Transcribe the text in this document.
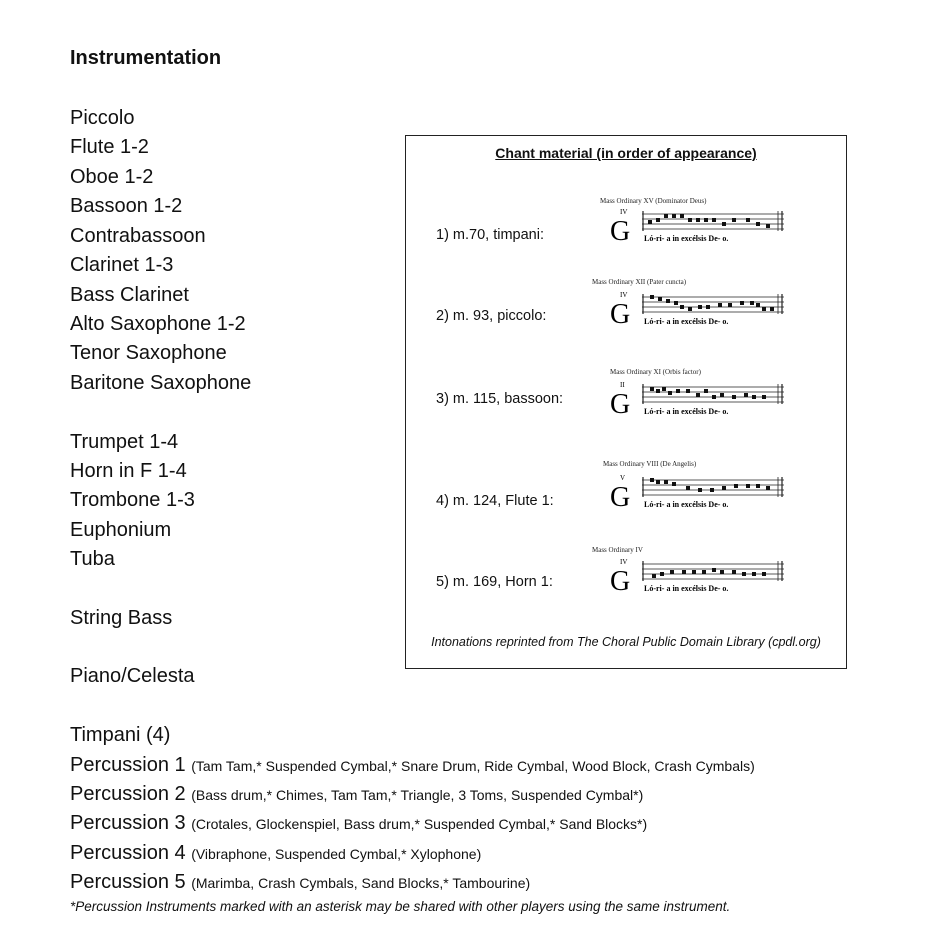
Instrumentation
Piccolo
Flute 1-2
Oboe 1-2
Bassoon 1-2
Contrabassoon
Clarinet 1-3
Bass Clarinet
Alto Saxophone 1-2
Tenor Saxophone
Baritone Saxophone
Trumpet 1-4
Horn in F 1-4
Trombone 1-3
Euphonium
Tuba
String Bass
Piano/Celesta
Timpani (4)
Percussion 1 (Tam Tam,* Suspended Cymbal,* Snare Drum, Ride Cymbal, Wood Block, Crash Cymbals)
Percussion 2 (Bass drum,* Chimes, Tam Tam,* Triangle, 3 Toms, Suspended Cymbal*)
Percussion 3 (Crotales, Glockenspiel, Bass drum,* Suspended Cymbal,* Sand Blocks*)
Percussion 4 (Vibraphone, Suspended Cymbal,* Xylophone)
Percussion 5 (Marimba, Crash Cymbals, Sand Blocks,* Tambourine)
*Percussion Instruments marked with an asterisk may be shared with other players using the same instrument.
Chant material (in order of appearance)
1) m.70, timpani:
2) m. 93, piccolo:
3) m. 115, bassoon:
4) m. 124, Flute 1:
5) m. 169, Horn 1:
Mass Ordinary XV (Dominator Deus)
Mass Ordinary XII (Pater cuncta)
Mass Ordinary XI (Orbis factor)
Mass Ordinary VIII (De Angelis)
Mass Ordinary IV
IV
G Ló-ri- a in excélsis De- o.
IV
G Ló-ri- a in excélsis De- o.
II
G Ló-ri- a in excélsis De- o.
V
G Ló-ri- a in excélsis De- o.
IV
G Ló-ri- a in excélsis De- o.
Intonations reprinted from The Choral Public Domain Library (cpdl.org)
